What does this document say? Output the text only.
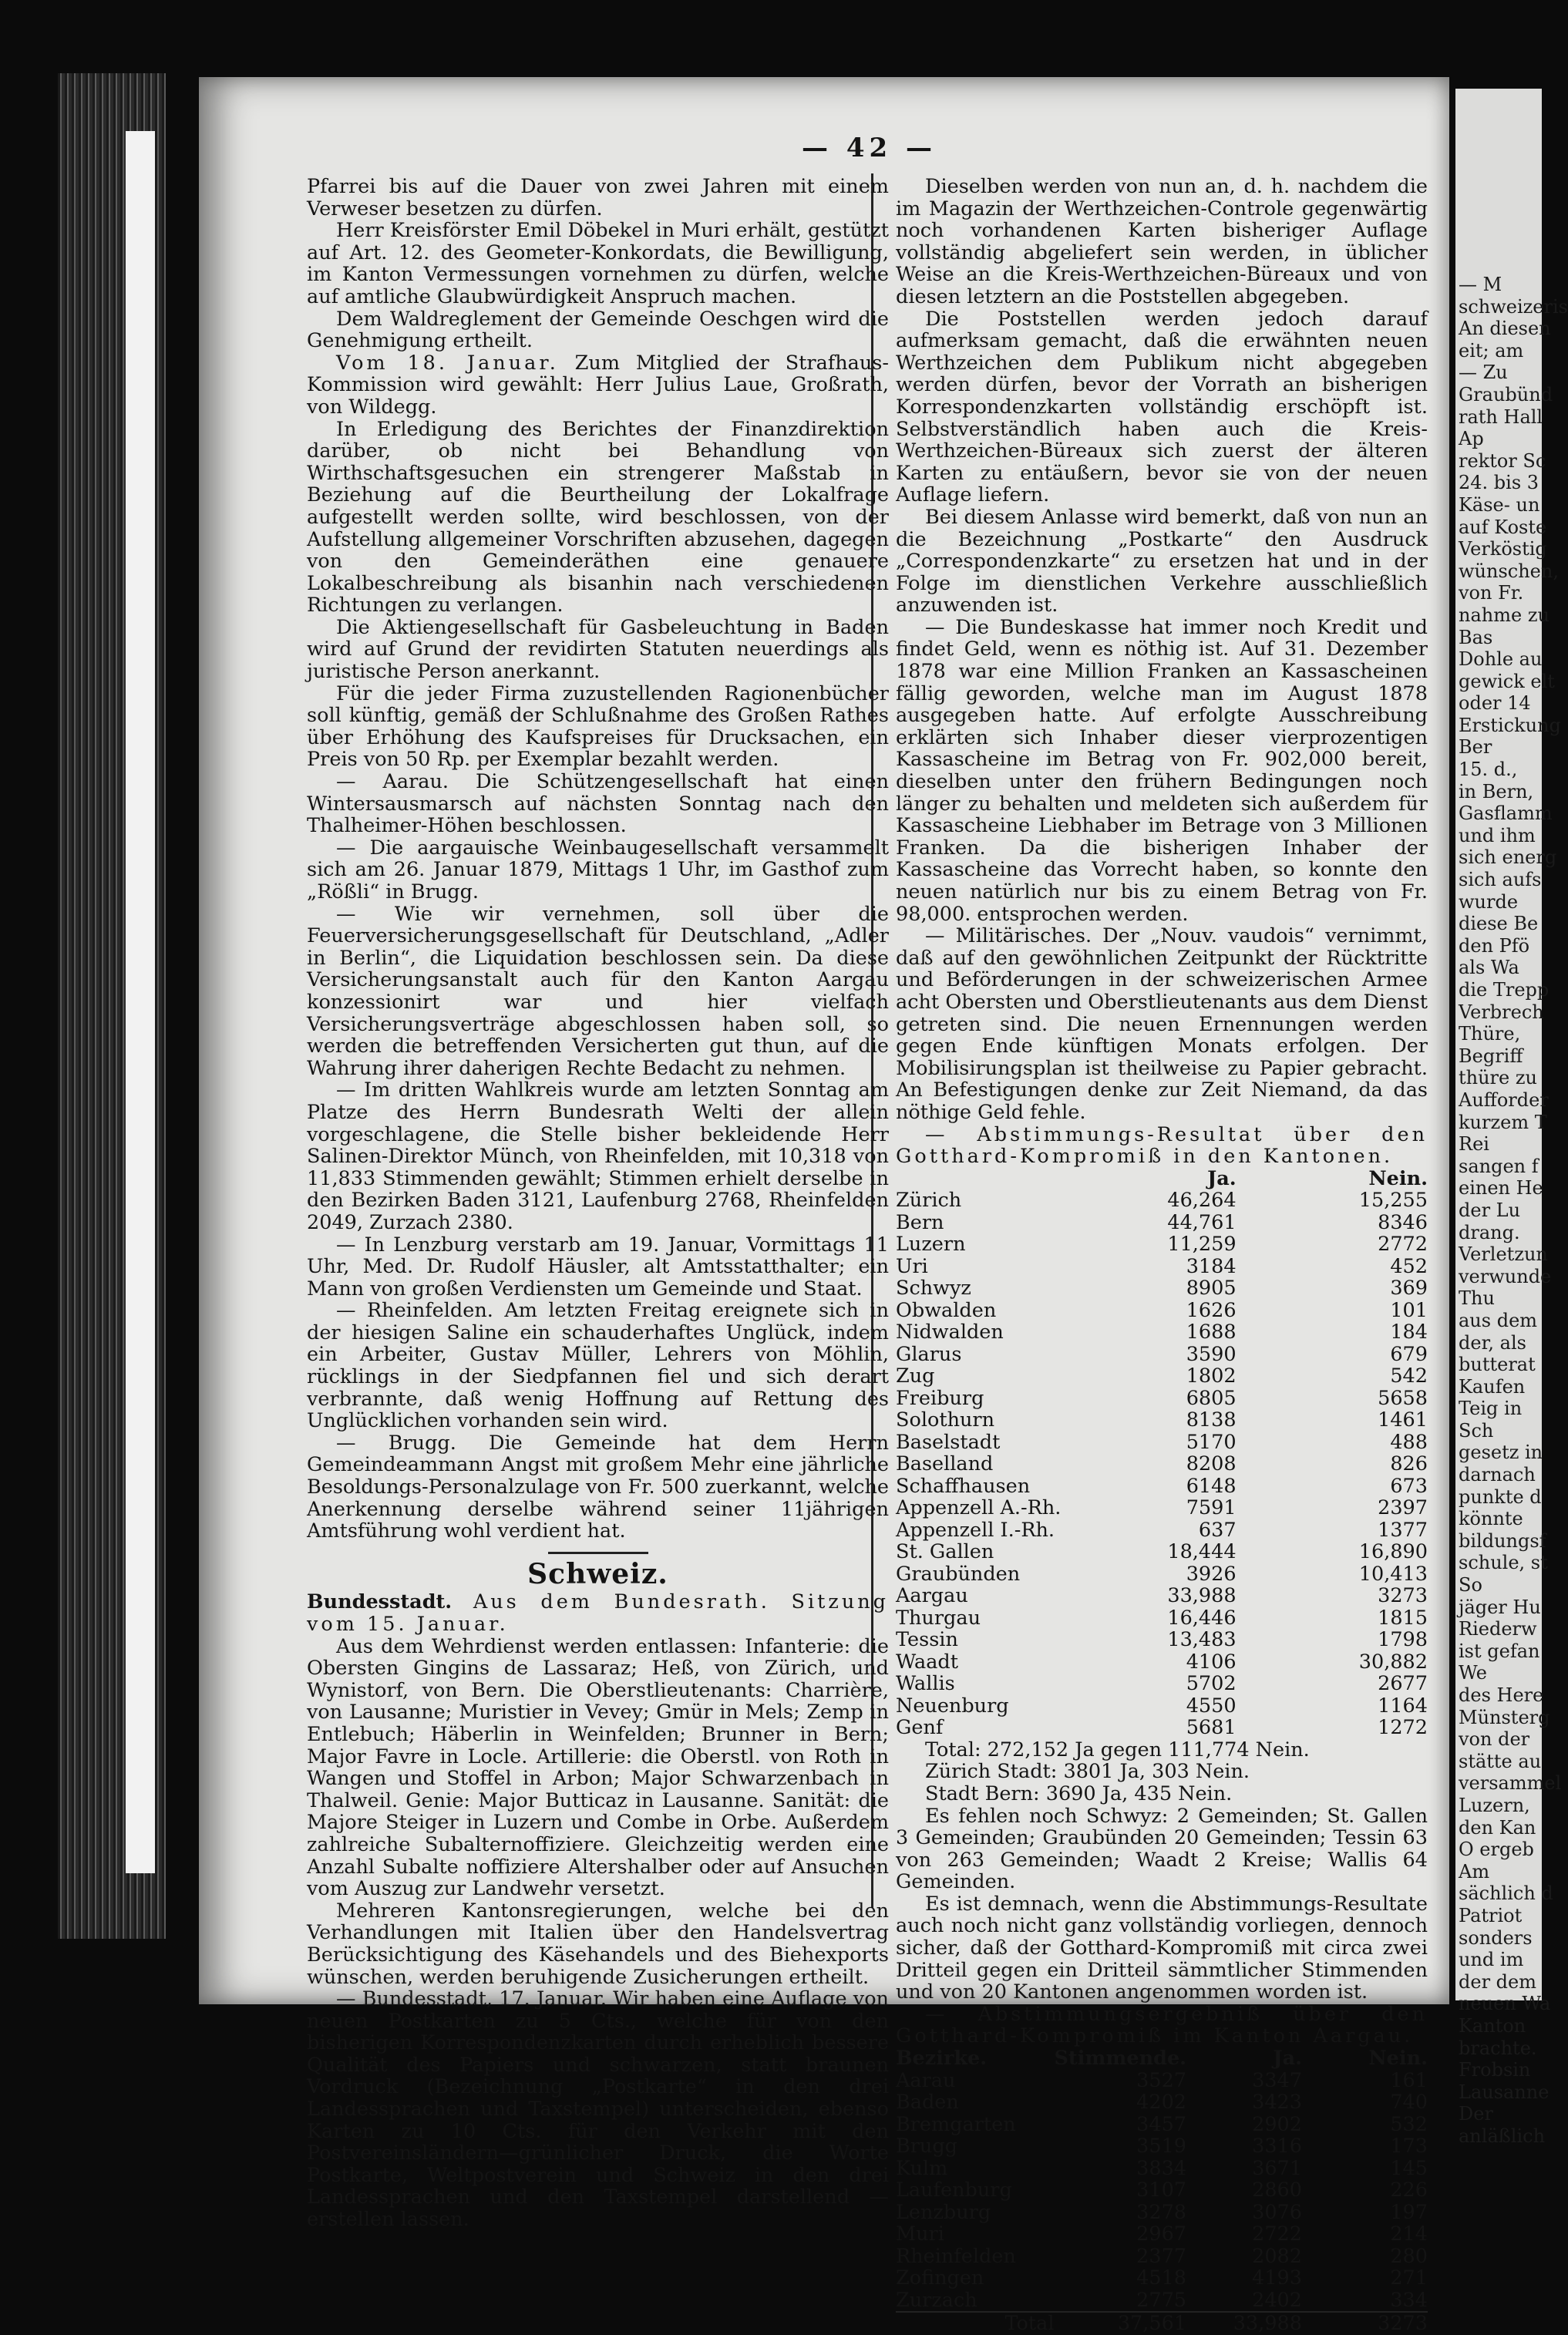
— 42 —

Pfarrei bis auf die Dauer von zwei Jahren mit einem Verweser besetzen zu dürfen.

Herr Kreisförster Emil Döbekel in Muri erhält, gestützt auf Art. 12. des Geometer-Konkordats, die Bewilligung, im Kanton Vermessungen vornehmen zu dürfen, welche auf amtliche Glaubwürdigkeit Anspruch machen.

Dem Waldreglement der Gemeinde Oeschgen wird die Genehmigung ertheilt.

Vom 18. Januar. Zum Mitglied der Strafhaus-Kommission wird gewählt: Herr Julius Laue, Großrath, von Wildegg.

In Erledigung des Berichtes der Finanzdirektion darüber, ob nicht bei Behandlung von Wirthschaftsgesuchen ein strengerer Maßstab in Beziehung auf die Beurtheilung der Lokalfrage aufgestellt werden sollte, wird beschlossen, von der Aufstellung allgemeiner Vorschriften abzusehen, dagegen von den Gemeinderäthen eine genauere Lokalbeschreibung als bisanhin nach verschiedenen Richtungen zu verlangen.

Die Aktiengesellschaft für Gasbeleuchtung in Baden wird auf Grund der revidirten Statuten neuerdings als juristische Person anerkannt.

Für die jeder Firma zuzustellenden Ragionenbücher soll künftig, gemäß der Schlußnahme des Großen Rathes über Erhöhung des Kaufspreises für Drucksachen, ein Preis von 50 Rp. per Exemplar bezahlt werden.

— Aarau. Die Schützengesellschaft hat einen Wintersausmarsch auf nächsten Sonntag nach den Thalheimer-Höhen beschlossen.

— Die aargauische Weinbaugesellschaft versammelt sich am 26. Januar 1879, Mittags 1 Uhr, im Gasthof zum „Rößli“ in Brugg.

— Wie wir vernehmen, soll über die Feuerversicherungsgesellschaft für Deutschland, „Adler in Berlin“, die Liquidation beschlossen sein. Da diese Versicherungsanstalt auch für den Kanton Aargau konzessionirt war und hier vielfach Versicherungsverträge abgeschlossen haben soll, so werden die betreffenden Versicherten gut thun, auf die Wahrung ihrer daherigen Rechte Bedacht zu nehmen.

— Im dritten Wahlkreis wurde am letzten Sonntag am Platze des Herrn Bundesrath Welti der allein vorgeschlagene, die Stelle bisher bekleidende Herr Salinen-Direktor Münch, von Rheinfelden, mit 10,318 von 11,833 Stimmenden gewählt; Stimmen erhielt derselbe in den Bezirken Baden 3121, Laufenburg 2768, Rheinfelden 2049, Zurzach 2380.

— In Lenzburg verstarb am 19. Januar, Vormittags 11 Uhr, Med. Dr. Rudolf Häusler, alt Amtsstatthalter; ein Mann von großen Verdiensten um Gemeinde und Staat.

— Rheinfelden. Am letzten Freitag ereignete sich in der hiesigen Saline ein schauderhaftes Unglück, indem ein Arbeiter, Gustav Müller, Lehrers von Möhlin, rücklings in der Siedpfannen fiel und sich derart verbrannte, daß wenig Hoffnung auf Rettung des Unglücklichen vorhanden sein wird.

— Brugg. Die Gemeinde hat dem Herrn Gemeindeammann Angst mit großem Mehr eine jährliche Besoldungs-Personalzulage von Fr. 500 zuerkannt, welche Anerkennung derselbe während seiner 11jährigen Amtsführung wohl verdient hat.

Schweiz.

Bundesstadt. Aus dem Bundesrath. Sitzung vom 15. Januar.

Aus dem Wehrdienst werden entlassen: Infanterie: die Obersten Gingins de Lassaraz; Heß, von Zürich, und Wynistorf, von Bern. Die Oberstlieutenants: Charrière, von Lausanne; Muristier in Vevey; Gmür in Mels; Zemp in Entlebuch; Häberlin in Weinfelden; Brunner in Bern; Major Favre in Locle. Artillerie: die Oberstl. von Roth in Wangen und Stoffel in Arbon; Major Schwarzenbach in Thalweil. Genie: Major Butticaz in Lausanne. Sanität: die Majore Steiger in Luzern und Combe in Orbe. Außerdem zahlreiche Subalternoffiziere. Gleichzeitig werden eine Anzahl Subalte noffiziere Altershalber oder auf Ansuchen vom Auszug zur Landwehr versetzt.

Mehreren Kantonsregierungen, welche bei den Verhandlungen mit Italien über den Handelsvertrag Berücksichtigung des Käsehandels und des Biehexports wünschen, werden beruhigende Zusicherungen ertheilt.

— Bundesstadt, 17. Januar. Wir haben eine Auflage von neuen Postkarten zu 5 Cts., welche für von den bisherigen Korrespondenzkarten durch erheblich bessere Qualität des Papiers und schwarzen, statt braunen Vordruck (Bezeichnung „Postkarte“ in den drei Landessprachen und Taxstempel) unterscheiden, ebenso Karten zu 10 Cts. für den Verkehr mit den Postvereinsländern—grünlicher Druck, die Worte Postkarte, Weltpostverein und Schweiz in den drei Landessprachen und den Taxstempel darstellend — erstellen lassen.

Dieselben werden von nun an, d. h. nachdem die im Magazin der Werthzeichen-Controle gegenwärtig noch vorhandenen Karten bisheriger Auflage vollständig abgeliefert sein werden, in üblicher Weise an die Kreis-Werthzeichen-Büreaux und von diesen letztern an die Poststellen abgegeben.

Die Poststellen werden jedoch darauf aufmerksam gemacht, daß die erwähnten neuen Werthzeichen dem Publikum nicht abgegeben werden dürfen, bevor der Vorrath an bisherigen Korrespondenzkarten vollständig erschöpft ist. Selbstverständlich haben auch die Kreis-Werthzeichen-Büreaux sich zuerst der älteren Karten zu entäußern, bevor sie von der neuen Auflage liefern.

Bei diesem Anlasse wird bemerkt, daß von nun an die Bezeichnung „Postkarte“ den Ausdruck „Correspondenzkarte“ zu ersetzen hat und in der Folge im dienstlichen Verkehre ausschließlich anzuwenden ist.

— Die Bundeskasse hat immer noch Kredit und findet Geld, wenn es nöthig ist. Auf 31. Dezember 1878 war eine Million Franken an Kassascheinen fällig geworden, welche man im August 1878 ausgegeben hatte. Auf erfolgte Ausschreibung erklärten sich Inhaber dieser vierprozentigen Kassascheine im Betrag von Fr. 902,000 bereit, dieselben unter den frühern Bedingungen noch länger zu behalten und meldeten sich außerdem für Kassascheine Liebhaber im Betrage von 3 Millionen Franken. Da die bisherigen Inhaber der Kassascheine das Vorrecht haben, so konnte den neuen natürlich nur bis zu einem Betrag von Fr. 98,000. entsprochen werden.

— Militärisches. Der „Nouv. vaudois“ vernimmt, daß auf den gewöhnlichen Zeitpunkt der Rücktritte und Beförderungen in der schweizerischen Armee acht Obersten und Oberstlieutenants aus dem Dienst getreten sind. Die neuen Ernennungen werden gegen Ende künftigen Monats erfolgen. Der Mobilisirungsplan ist theilweise zu Papier gebracht. An Befestigungen denke zur Zeit Niemand, da das nöthige Geld fehle.

— Abstimmungs-Resultat über den Gotthard-Kompromiß in den Kantonen.

	Ja.	Nein.
Zürich	46,264	15,255
Bern	44,761	8346
Luzern	11,259	2772
Uri	3184	452
Schwyz	8905	369
Obwalden	1626	101
Nidwalden	1688	184
Glarus	3590	679
Zug	1802	542
Freiburg	6805	5658
Solothurn	8138	1461
Baselstadt	5170	488
Baselland	8208	826
Schaffhausen	6148	673
Appenzell A.-Rh.	7591	2397
Appenzell I.-Rh.	637	1377
St. Gallen	18,444	16,890
Graubünden	3926	10,413
Aargau	33,988	3273
Thurgau	16,446	1815
Tessin	13,483	1798
Waadt	4106	30,882
Wallis	5702	2677
Neuenburg	4550	1164
Genf	5681	1272

Total: 272,152 Ja gegen 111,774 Nein.

Zürich Stadt: 3801 Ja, 303 Nein.

Stadt Bern: 3690 Ja, 435 Nein.

Es fehlen noch Schwyz: 2 Gemeinden; St. Gallen 3 Gemeinden; Graubünden 20 Gemeinden; Tessin 63 von 263 Gemeinden; Waadt 2 Kreise; Wallis 64 Gemeinden.

Es ist demnach, wenn die Abstimmungs-Resultate auch noch nicht ganz vollständig vorliegen, dennoch sicher, daß der Gotthard-Kompromiß mit circa zwei Dritteil gegen ein Dritteil sämmtlicher Stimmenden und von 20 Kantonen angenommen worden ist.

— Abstimmungsergebniß über den Gotthard-Kompromiß im Kanton Aargau.

Bezirke.	Stimmende.	Ja.	Nein.
Aarau	3527	3347	161
Baden	4202	3423	740
Bremgarten	3457	2902	532
Brugg	3519	3316	173
Kulm	3834	3671	145
Laufenburg	3107	2860	226
Lenzburg	3278	3076	197
Muri	2967	2722	214
Rheinfelden	2377	2082	280
Zofingen	4518	4193	271
Zurzach	2775	2402	334
Total	37,561	33,988	3273
— M
schweizeris
An diesen
eit; am
— Zu
Graubünd
rath Hall
Ap
rektor Sc
24. bis 3
Käse- un
auf Koste
Verköstig
wünschen,
von Fr.
nahme zu
Bas
Dohle au
gewick elt
oder 14
Erstickung
Ber
15. d.,
in Bern,
Gasflamm
und ihm
sich energ
sich aufs
wurde
diese Be
den Pfö
als Wa
die Trepp
Verbrech
Thüre,
Begriff
thüre zu
Aufforder
kurzem T
Rei
sangen f
einen He
der Lu
drang.
Verletzun
verwunde
Thu
aus dem
der, als
butterat
Kaufen
Teig in
Sch
gesetz in
darnach
punkte d
könnte
bildungsf
schule, st
So
jäger Hu
Riederw
ist gefan
We
des Here
Münsterg
von der
stätte au
versammel
Luzern,
den Kan
O ergeb
Am
sächlich d
Patriot
sonders
und im
der dem
neuen Wa
Kanton
brachte.
Frobsin
Lausanne
Der
anläßlich
